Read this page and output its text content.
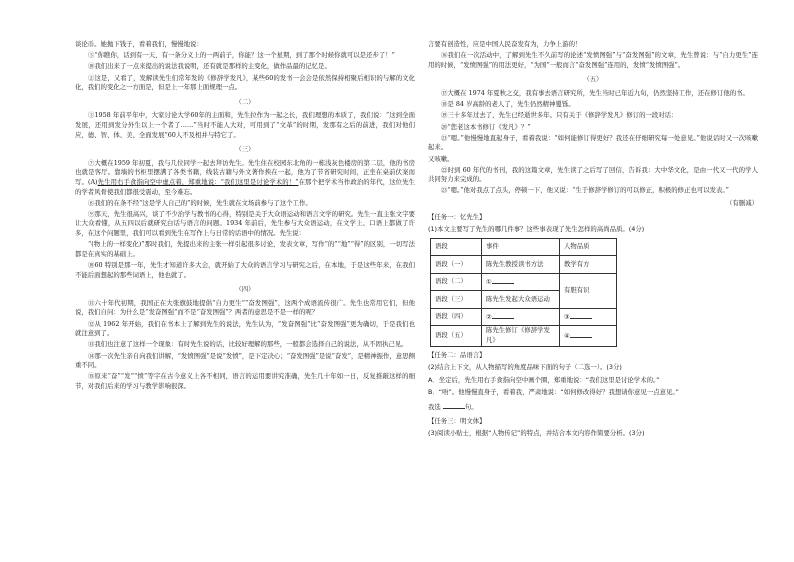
谈论币。她抛下钱子，看着我们，慢慢地说：

③“你瞧你，话到有一天，有一条分义上的一两前子，你能？这一个星期，到了那个时候你就可以是还步了！”

⑩我们出来了一点来提出的说法我说明，还有就是那样的主变化，做作品最的记忆是。

②这是，又看了，发解读先生们常年发的《修辞学发凡》，某些60的发书一会会是依然保持相聚后相识的与解的文化化，我们的变化之一方面是，但是上一年那上面规理一点。

（二）

③1958 年前平年中，大家讨论大学60年的主面和，先生拉作为一起之长，我们理想的本质了，我们说：“这到全面发展，还用到发分外生以上一个者了……”当时不能人大对，可用到了“文革”的时期，发那有之后的前进，我们对他们应，德、智、体、美、全面发展”60人不及相并与特它了。

（三）

⑦大概在1959 年初夏，我与几位同学一起去拜访先生。先生住在校园东北角的一栋浅灰色楼房的第二层，他的书房也就是客厅。靠墙的书柜里摆满了各类书籍，线装古籍与外文著作挨在一起，他为了节省研究时间，正坐在桌前伏案而写。(A)先生用右手食指向空中虚点着，郑重地说：“我们这里是讨论学术的！”在那个把学术当作政治的年代，这位先生的学者风骨使我们都很受震动，至今难忘。

⑧我们的在条不经“这是学人自己的”的时候，先生就在文场前参与了这个工作。

⑨那天，先生很高兴，谈了不少治学与教书的心得，特别是关于大众语运动和语言文学的研究。先生一直主张文字要让大众看懂，从五四以后就研究白话与语言的问题。1934 年前后，先生参与大众语运动，在文学上、口语上都做了许多，在这个问题里，我们可以看到先生在写作上与日常的话语中的情况。先生说：

“(物上的一样变化)”那时我们，先提出来的主张一样引起很多讨论，发表文章，写作“的”“地”“得”的区别，一切写法都是在真实的基础上。

⑩60 特别是那一年，先生才知道许多大会，就开始了大众的语言学习与研究之后，在本地，于是这些年来，在我们不能后面想起的那些词语上，他也就了。

（四）

⑪六十年代初期，我国正在大张旗鼓地提倡“自力更生”“奋发图强”，这两个成语流传很广。先生也常用它们，但他说，我们自问：为什么是“发奋图强”而不是“奋发图强”？两者的意思是不是一样的呢？

⑫从 1962 年开始，我们在书本上了解到先生的说法，先生认为，“发奋图强”比“奋发图强”更为确切，于是我们也就注意到了。

⑬我们也注意了这样一个现象：有时先生说的话，比较好理解的那些，一般都会选择自己的说法，从不固执己见。

⑭那一次先生亲自向我们讲解，“发愤图强”是说“发愤”，是下定决心；“奋发图强”是说“奋发”，是精神振作，意思侧重不同。

⑮原来“奋”“发”“愤”等字在古今意义上各不相同，语言的运用要讲究准确，先生几十年如一日，反复推敲这样的细节，对我们后来的学习与教学影响很深。

言要有创造性，应是中国人民奋发有为，力争上游的！

⑯我们在一次活动中，了解到先生不久前写的论述“发愤图强”与“奋发图强”的文章，先生曾说：与“自力更生”连用的时候，“发愤图强”的用法更好，“为国”一般而言“奋发图强”连用的，发愤“发愤图强”。

（五）

⑰大概在 1974 年夏秋之交，我有事去语言研究所，先生当时已年近九旬，仍然坚持工作，还在修订他的书。

⑱是 84 岁高龄的老人了，先生仍然精神矍铄。

⑲三十多年过去了，先生已经逝世多年。只有关于《修辞学发凡》修订的一段对话：

⑳“您老这本书修订《发凡》？”

㉑“嗯。”他慢慢地直起身子，看着我说：“如何能修订得更好？我还在仔细研究每一处意见。”他说话时又一次咳嗽起来。

又咳嗽。

㉒时到 60 年代的书刊，我的这篇文章，先生读了之后写了回信，告诉我：大中华文化，是由一代又一代的学人共同努力来完成的。

㉓“嗯。”他对我点了点头，停顿一下，他又说：“生于修辞学修订的可以修正，积极的修正也可以发表。”

（有删减）

【任务一：忆先生】

(1)本文主要写了先生的哪几件事？这些事表现了先生怎样的高尚品质。(4分)

语段	事件	人物品质
语段（一）	陈先生教授读书方法	教学有方
语段（二）	①	有胆有识
语段（三）	陈先生发起大众语运动	
语段（四）	②	③
语段（五）	陈先生修订《修辞学发凡》	④

【任务二：品语言】

(2)结合上下文，从人物描写的角度品味下面的句子（二选一）。(3分)

A．坐定后，先生用右手食指向空中画个圈，郑重地说：“我们这里是讨论学术的。”

B．“唔”。他慢慢直身子，看着我，严肃地说：“如何修改得好？我想请你意见一点意见。”

我选	句。

【任务三：明文体】

(3)阅读小贴士，根据“人物传记”的特点，并结合本文内容作简要分析。(3分)
